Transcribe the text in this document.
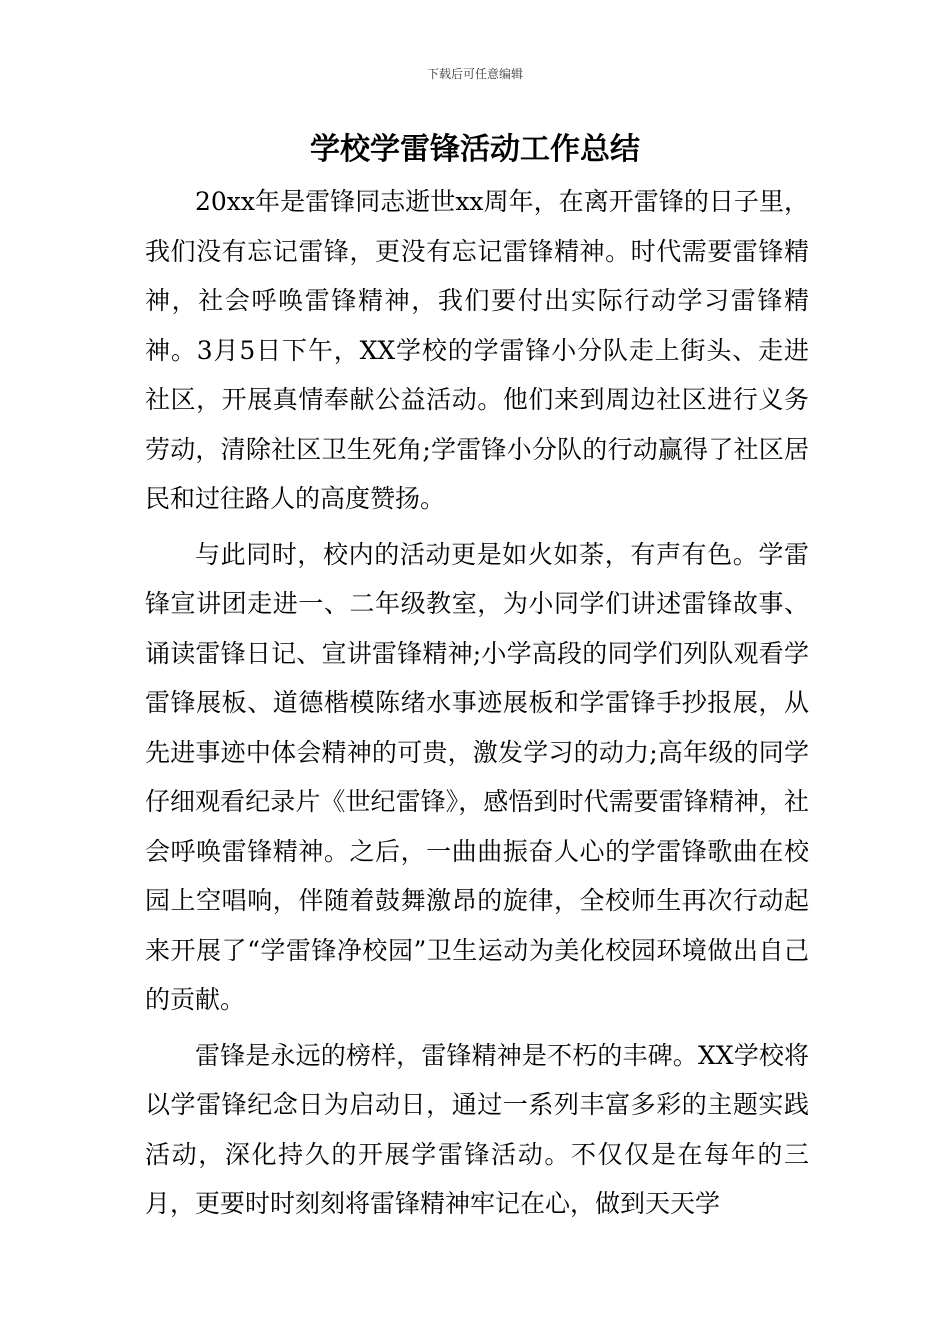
下载后可任意编辑
学校学雷锋活动工作总结

20xx年是雷锋同志逝世xx周年，在离开雷锋的日子里，我们没有忘记雷锋，更没有忘记雷锋精神。时代需要雷锋精神，社会呼唤雷锋精神，我们要付出实际行动学习雷锋精神。3月5日下午，XX学校的学雷锋小分队走上街头、走进社区，开展真情奉献公益活动。他们来到周边社区进行义务劳动，清除社区卫生死角;学雷锋小分队的行动赢得了社区居民和过往路人的高度赞扬。

与此同时，校内的活动更是如火如荼，有声有色。学雷锋宣讲团走进一、二年级教室，为小同学们讲述雷锋故事、诵读雷锋日记、宣讲雷锋精神;小学高段的同学们列队观看学雷锋展板、道德楷模陈绪水事迹展板和学雷锋手抄报展，从先进事迹中体会精神的可贵，激发学习的动力;高年级的同学仔细观看纪录片《世纪雷锋》，感悟到时代需要雷锋精神，社会呼唤雷锋精神。之后，一曲曲振奋人心的学雷锋歌曲在校园上空唱响，伴随着鼓舞激昂的旋律，全校师生再次行动起来开展了“学雷锋净校园”卫生运动为美化校园环境做出自己的贡献。

雷锋是永远的榜样，雷锋精神是不朽的丰碑。XX学校将以学雷锋纪念日为启动日，通过一系列丰富多彩的主题实践活动，深化持久的开展学雷锋活动。不仅仅是在每年的三月，更要时时刻刻将雷锋精神牢记在心，做到天天学
